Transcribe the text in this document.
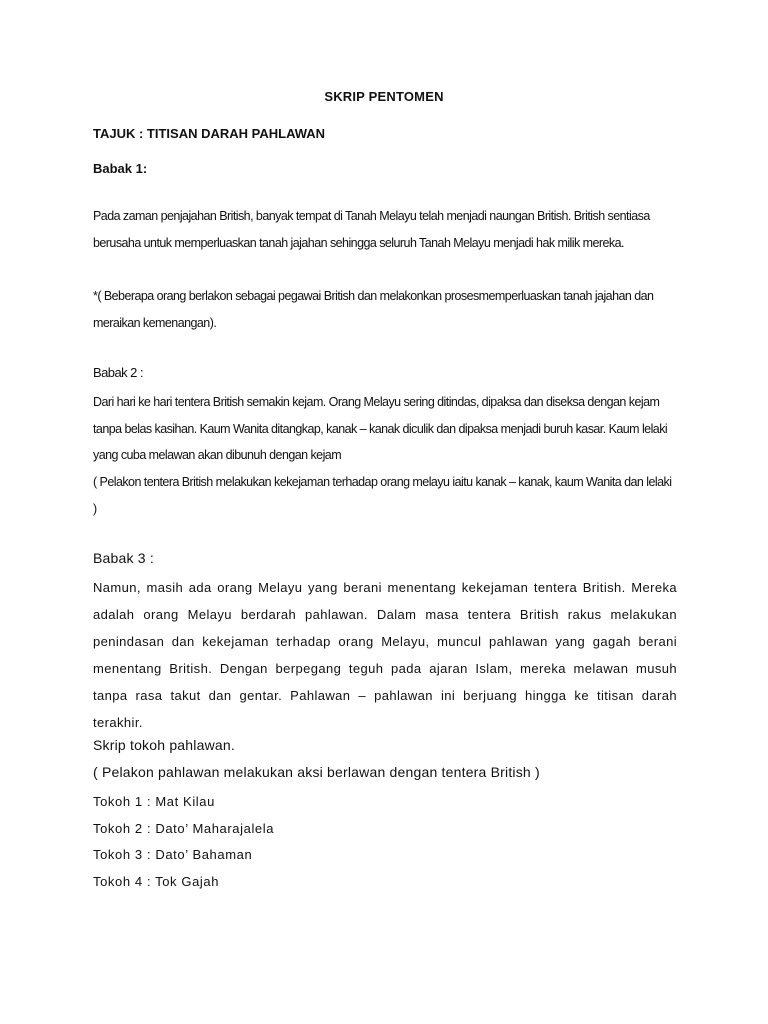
SKRIP PENTOMEN
TAJUK : TITISAN DARAH PAHLAWAN
Babak 1:

Pada zaman penjajahan British, banyak tempat di Tanah Melayu telah menjadi naungan British. British sentiasa berusaha untuk memperluaskan tanah jajahan sehingga seluruh Tanah Melayu menjadi hak milik mereka.

*( Beberapa orang berlakon sebagai pegawai British dan melakonkan prosesmemperluaskan tanah jajahan dan meraikan kemenangan).

Babak 2 :

Dari hari ke hari tentera British semakin kejam. Orang Melayu sering ditindas, dipaksa dan diseksa dengan kejam tanpa belas kasihan. Kaum Wanita ditangkap, kanak – kanak diculik dan dipaksa menjadi buruh kasar. Kaum lelaki yang cuba melawan akan dibunuh dengan kejam

( Pelakon tentera British melakukan kekejaman terhadap orang melayu iaitu kanak – kanak, kaum Wanita dan lelaki )

Babak 3 :

Namun, masih ada orang Melayu yang berani menentang kekejaman tentera British. Mereka adalah orang Melayu berdarah pahlawan. Dalam masa tentera British rakus melakukan penindasan dan kekejaman terhadap orang Melayu, muncul pahlawan yang gagah berani menentang British. Dengan berpegang teguh pada ajaran Islam, mereka melawan musuh tanpa rasa takut dan gentar. Pahlawan – pahlawan ini berjuang hingga ke titisan darah terakhir.

Skrip tokoh pahlawan.
( Pelakon pahlawan melakukan aksi berlawan dengan tentera British )
Tokoh 1 : Mat Kilau
Tokoh 2 : Dato’ Maharajalela
Tokoh 3 : Dato’ Bahaman
Tokoh 4 : Tok Gajah
